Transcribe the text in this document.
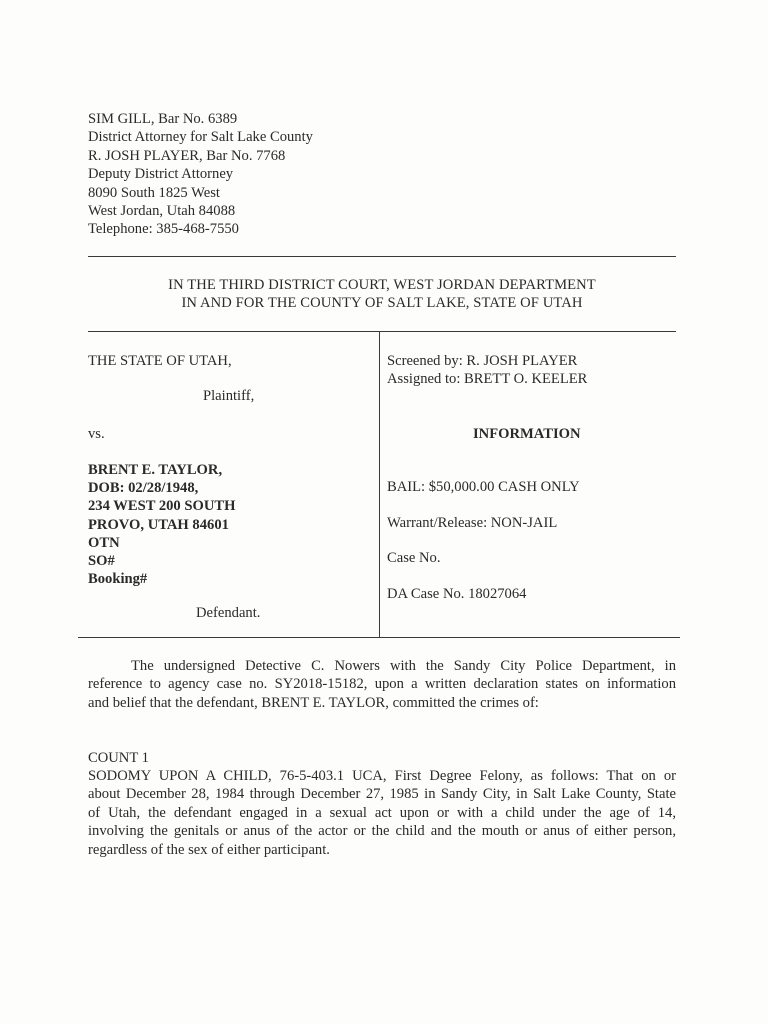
SIM GILL, Bar No. 6389
District Attorney for Salt Lake County
R. JOSH PLAYER, Bar No. 7768
Deputy District Attorney
8090 South 1825 West
West Jordan, Utah 84088
Telephone: 385-468-7550
IN THE THIRD DISTRICT COURT, WEST JORDAN DEPARTMENT
IN AND FOR THE COUNTY OF SALT LAKE, STATE OF UTAH
THE STATE OF UTAH,
Plaintiff,
vs.
BRENT E. TAYLOR,
DOB: 02/28/1948,
234 WEST 200 SOUTH
PROVO, UTAH 84601
OTN
SO#
Booking#
Defendant.
Screened by: R. JOSH PLAYER
Assigned to: BRETT O. KEELER
INFORMATION
BAIL: $50,000.00 CASH ONLY
Warrant/Release: NON-JAIL
Case No.
DA Case No. 18027064
The undersigned Detective C. Nowers with the Sandy City Police Department, in
reference to agency case no. SY2018-15182, upon a written declaration states on information
and belief that the defendant, BRENT E. TAYLOR, committed the crimes of:
COUNT 1
SODOMY UPON A CHILD, 76-5-403.1 UCA, First Degree Felony, as follows: That on or
about December 28, 1984 through December 27, 1985 in Sandy City, in Salt Lake County, State
of Utah, the defendant engaged in a sexual act upon or with a child under the age of 14,
involving the genitals or anus of the actor or the child and the mouth or anus of either person,
regardless of the sex of either participant.
